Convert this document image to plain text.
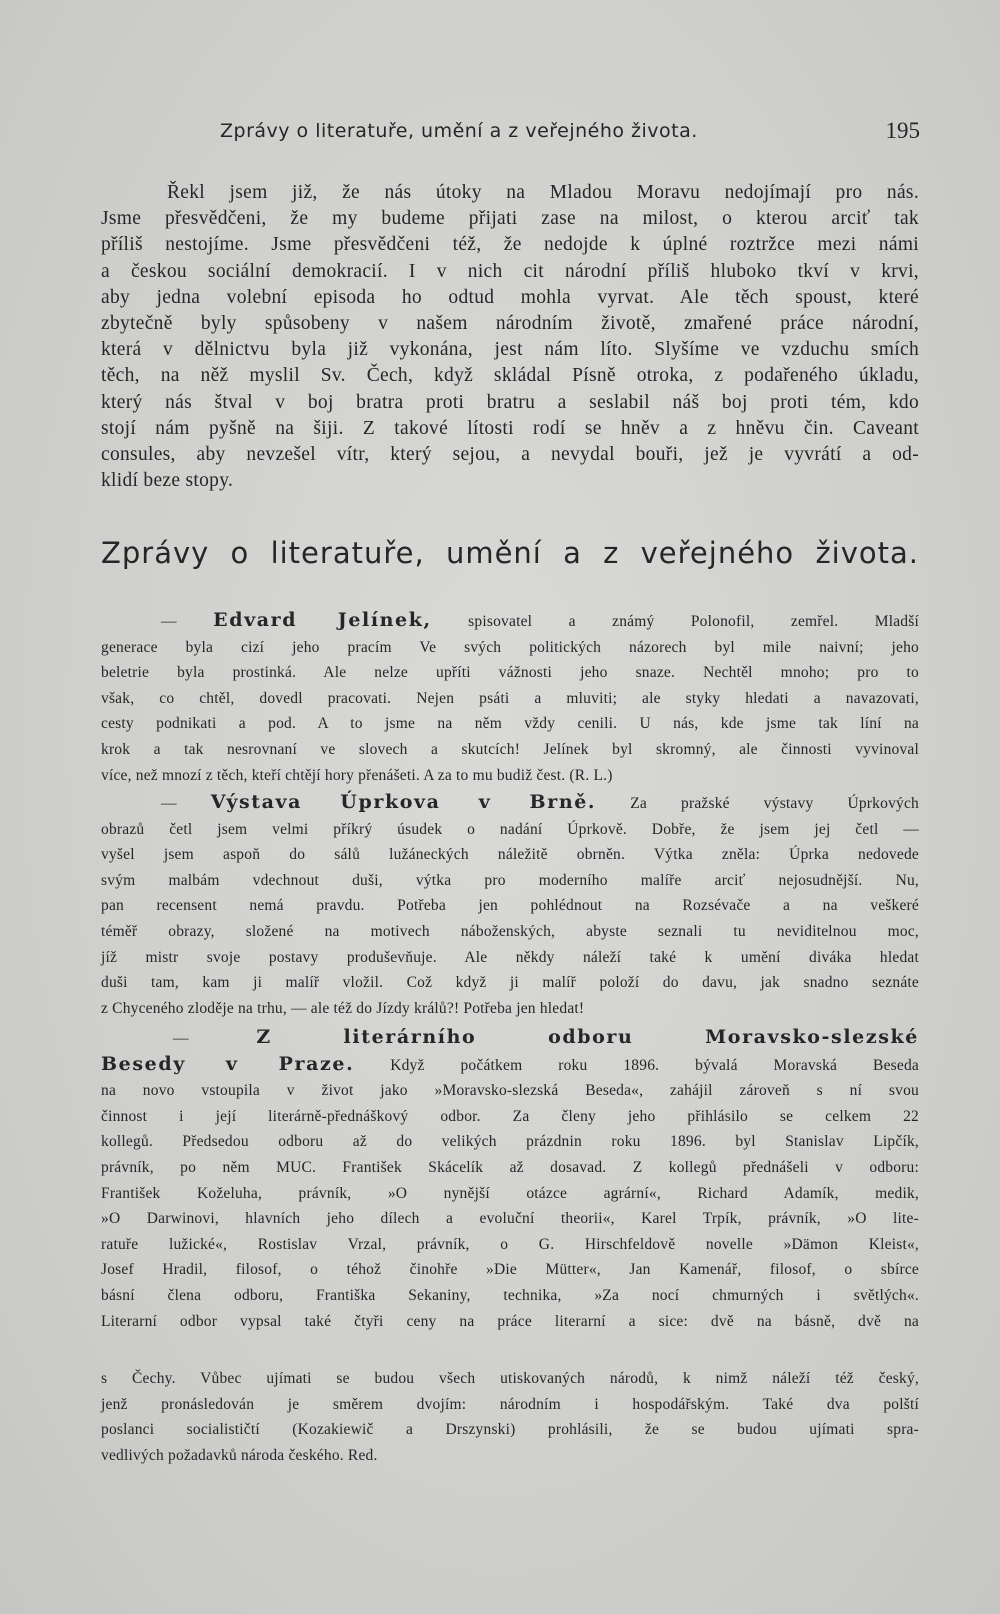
Zprávy o literatuře, umění a z veřejného života.	195
Řekl jsem již, že nás útoky na Mladou Moravu nedojímají pro nás.
Jsme přesvědčeni, že my budeme přijati zase na milost, o kterou arciť tak
příliš nestojíme. Jsme přesvědčeni též, že nedojde k úplné roztržce mezi námi
a českou sociální demokracií. I v nich cit národní příliš hluboko tkví v krvi,
aby jedna volební episoda ho odtud mohla vyrvat. Ale těch spoust, které
zbytečně byly spůsobeny v našem národním životě, zmařené práce národní,
která v dělnictvu byla již vykonána, jest nám líto. Slyšíme ve vzduchu smích
těch, na něž myslil Sv. Čech, když skládal Písně otroka, z podařeného úkladu,
který nás štval v boj bratra proti bratru a seslabil náš boj proti tém, kdo
stojí nám pyšně na šiji. Z takové lítosti rodí se hněv a z hněvu čin. Caveant
consules, aby nevzešel vítr, který sejou, a nevydal bouři, jež je vyvrátí a od-
klidí beze stopy.
Zprávy o literatuře, umění a z veřejného života.
— Edvard Jelínek, spisovatel a známý Polonofil, zemřel. Mladší
generace byla cizí jeho pracím Ve svých politických názorech byl mile naivní; jeho
beletrie byla prostinká. Ale nelze upříti vážnosti jeho snaze. Nechtěl mnoho; pro to
však, co chtěl, dovedl pracovati. Nejen psáti a mluviti; ale styky hledati a navazovati,
cesty podnikati a pod. A to jsme na něm vždy cenili. U nás, kde jsme tak líní na
krok a tak nesrovnaní ve slovech a skutcích! Jelínek byl skromný, ale činnosti vyvinoval
více, než mnozí z těch, kteří chtějí hory přenášeti. A za to mu budiž čest. (R. L.)
— Výstava Úprkova v Brně. Za pražské výstavy Úprkových
obrazů četl jsem velmi příkrý úsudek o nadání Úprkově. Dobře, že jsem jej četl —
vyšel jsem aspoň do sálů lužáneckých náležitě obrněn. Výtka zněla: Úprka nedovede
svým malbám vdechnout duši, výtka pro moderního malíře arciť nejosudnější. Nu,
pan recensent nemá pravdu. Potřeba jen pohlédnout na Rozsévače a na veškeré
téměř obrazy, složené na motivech náboženských, abyste seznali tu neviditelnou moc,
jíž mistr svoje postavy produševňuje. Ale někdy náleží také k umění diváka hledat
duši tam, kam ji malíř vložil. Což když ji malíř položí do davu, jak snadno seznáte
z Chyceného zloděje na trhu, — ale též do Jízdy králů?! Potřeba jen hledat!
— Z literárního odboru Moravsko-slezské
Besedy v Praze. Když počátkem roku 1896. bývalá Moravská Beseda
na novo vstoupila v život jako »Moravsko-slezská Beseda«, zahájil zároveň s ní svou
činnost i její literárně-přednáškový odbor. Za členy jeho přihlásilo se celkem 22
kollegů. Předsedou odboru až do velikých prázdnin roku 1896. byl Stanislav Lipčík,
právník, po něm MUC. František Skácelík až dosavad. Z kollegů přednášeli v odboru:
František Koželuha, právník, »O nynější otázce agrární«, Richard Adamík, medik,
»O Darwinovi, hlavních jeho dílech a evoluční theorii«, Karel Trpík, právník, »O lite-
ratuře lužické«, Rostislav Vrzal, právník, o G. Hirschfeldově novelle »Dämon Kleist«,
Josef Hradil, filosof, o téhož činohře »Die Mütter«, Jan Kamenář, filosof, o sbírce
básní člena odboru, Františka Sekaniny, technika, »Za nocí chmurných i světlých«.
Literarní odbor vypsal také čtyři ceny na práce literarní a sice: dvě na básně, dvě na
s Čechy. Vůbec ujímati se budou všech utiskovaných národů, k nimž náleží též český,
jenž pronásledován je směrem dvojím: národním i hospodářským. Také dva polští
poslanci socialističtí (Kozakiewič a Drszynski) prohlásili, že se budou ujímati spra-
vedlivých požadavků národa českého. Red.
